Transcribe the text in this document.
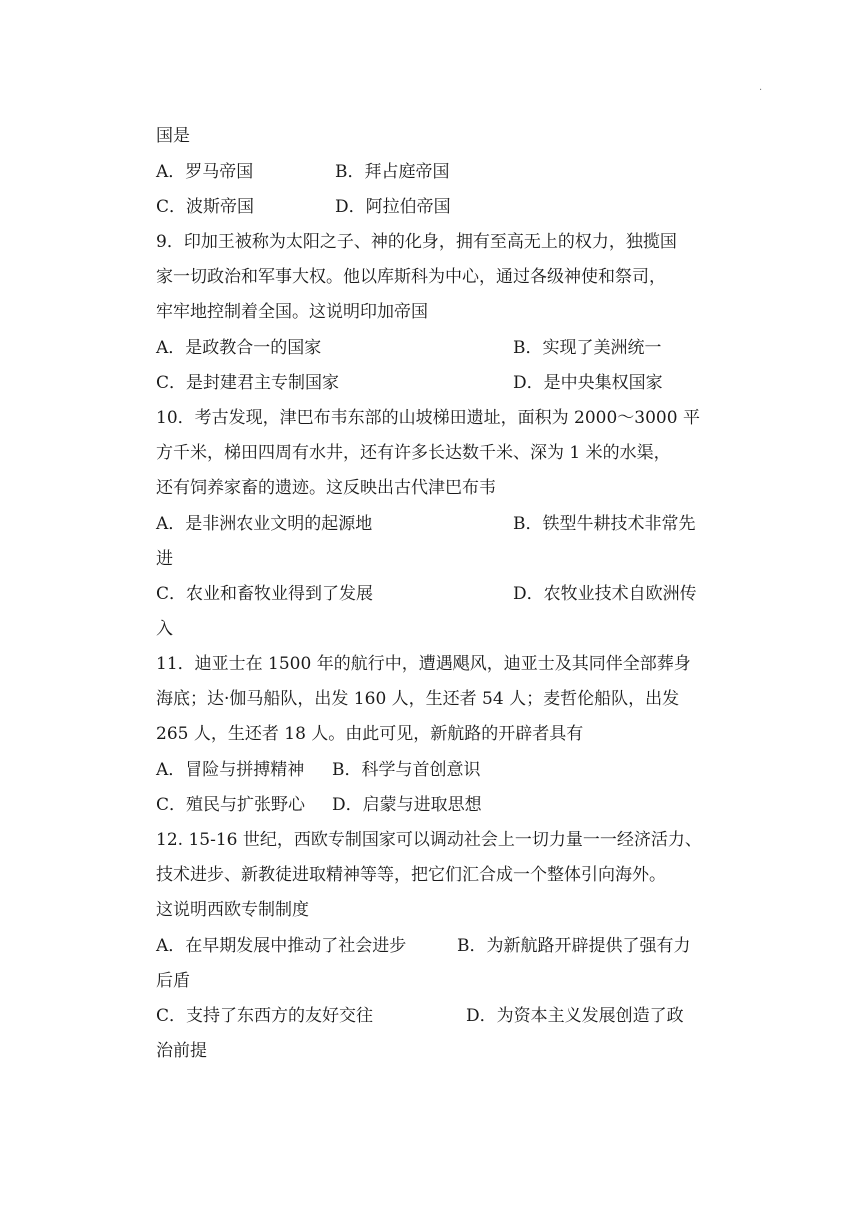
.
国是
A．罗马帝国	B．拜占庭帝国
C．波斯帝国	D．阿拉伯帝国
9．印加王被称为太阳之子、神的化身，拥有至高无上的权力，独揽国
家一切政治和军事大权。他以库斯科为中心，通过各级神使和祭司，
牢牢地控制着全国。这说明印加帝国
A．是政教合一的国家	B．实现了美洲统一
C．是封建君主专制国家	D．是中央集权国家
10．考古发现，津巴布韦东部的山坡梯田遗址，面积为 2000～3000 平
方千米，梯田四周有水井，还有许多长达数千米、深为 1 米的水渠，
还有饲养家畜的遗迹。这反映出古代津巴布韦
A．是非洲农业文明的起源地	B．铁型牛耕技术非常先
进
C．农业和畜牧业得到了发展	D．农牧业技术自欧洲传
入
11．迪亚士在 1500 年的航行中，遭遇飓风，迪亚士及其同伴全部葬身
海底；达·伽马船队，出发 160 人，生还者 54 人；麦哲伦船队，出发
265 人，生还者 18 人。由此可见，新航路的开辟者具有
A．冒险与拼搏精神 B．科学与首创意识
C．殖民与扩张野心 D．启蒙与进取思想
12. 15-16 世纪，西欧专制国家可以调动社会上一切力量一一经济活力、
技术进步、新教徒进取精神等等，把它们汇合成一个整体引向海外。
这说明西欧专制制度
A．在早期发展中推动了社会进步	B．为新航路开辟提供了强有力
后盾
C．支持了东西方的友好交往	D．为资本主义发展创造了政
治前提
